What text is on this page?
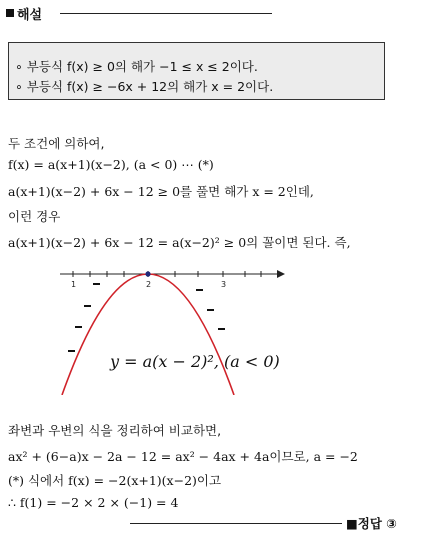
해설
∘ 부등식 f(x) ≥ 0의 해가 −1 ≤ x ≤ 2이다.
∘ 부등식 f(x) ≥ −6x + 12의 해가 x = 2이다.
두 조건에 의하여,
f(x) = a(x+1)(x−2), (a < 0) ⋯ (*)
a(x+1)(x−2) + 6x − 12 ≥ 0를 풀면 해가 x = 2인데,
이런 경우
a(x+1)(x−2) + 6x − 12 = a(x−2)² ≥ 0의 꼴이면 된다. 즉,
1	2	3
y = a(x − 2)², (a < 0)
좌변과 우변의 식을 정리하여 비교하면,
ax² + (6−a)x − 2a − 12 = ax² − 4ax + 4a이므로, a = −2
(*) 식에서 f(x) = −2(x+1)(x−2)이고
∴ f(1) = −2 × 2 × (−1) = 4
■정답 ③
